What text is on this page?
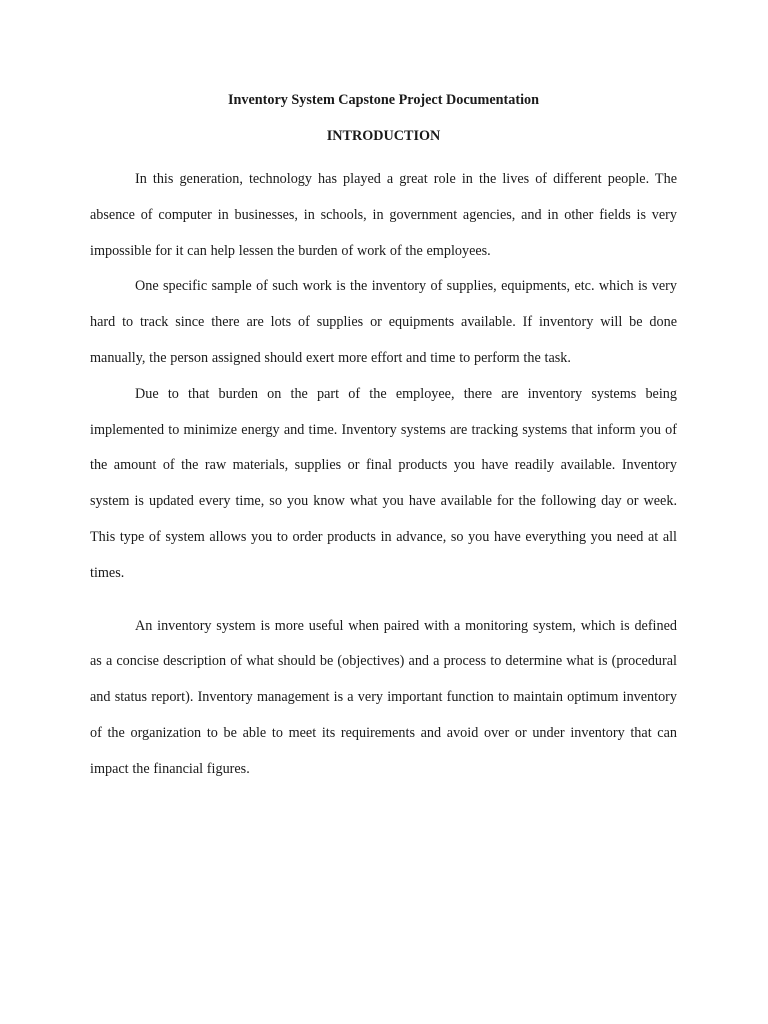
Inventory System Capstone Project Documentation
INTRODUCTION

In this generation, technology has played a great role in the lives of different people. The absence of computer in businesses, in schools, in government agencies, and in other fields is very impossible for it can help lessen the burden of work of the employees.

One specific sample of such work is the inventory of supplies, equipments, etc. which is very hard to track since there are lots of supplies or equipments available. If inventory will be done manually, the person assigned should exert more effort and time to perform the task.

Due to that burden on the part of the employee, there are inventory systems being implemented to minimize energy and time. Inventory systems are tracking systems that inform you of the amount of the raw materials, supplies or final products you have readily available. Inventory system is updated every time, so you know what you have available for the following day or week. This type of system allows you to order products in advance, so you have everything you need at all times.

An inventory system is more useful when paired with a monitoring system, which is defined as a concise description of what should be (objectives) and a process to determine what is (procedural and status report). Inventory management is a very important function to maintain optimum inventory of the organization to be able to meet its requirements and avoid over or under inventory that can impact the financial figures.
